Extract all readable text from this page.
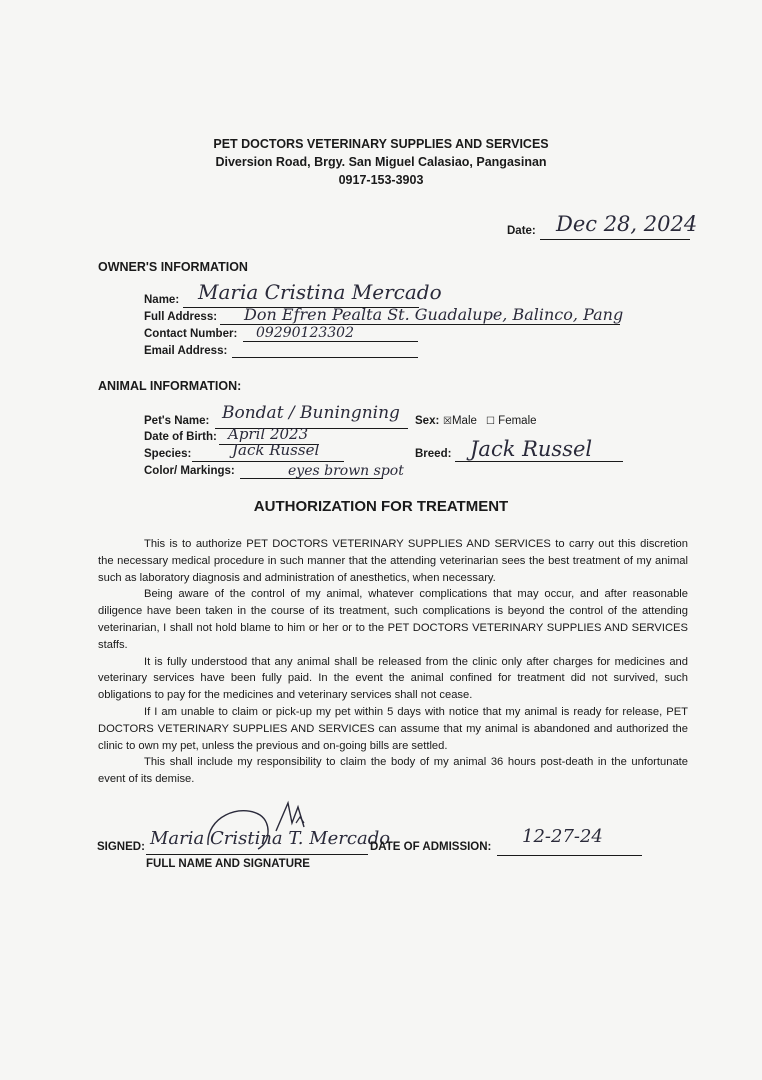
PET DOCTORS VETERINARY SUPPLIES AND SERVICES
Diversion Road, Brgy. San Miguel Calasiao, Pangasinan
0917-153-3903
Date: Dec 28, 2024
OWNER'S INFORMATION
Name: Maria Cristina Mercado
Full Address: Don Efren Pealta St. Guadalupe, Balinco, Pang
Contact Number: 09290123302
Email Address:
ANIMAL INFORMATION:
Pet's Name: Bondat / Buningning Sex: ☒Male ☐ Female
Date of Birth: April 2023
Species:	Jack Russel	Breed: Jack Russel
Color/ Markings:	eyes brown spot
AUTHORIZATION FOR TREATMENT

This is to authorize PET DOCTORS VETERINARY SUPPLIES AND SERVICES to carry out this discretion the necessary medical procedure in such manner that the attending veterinarian sees the best treatment of my animal such as laboratory diagnosis and administration of anesthetics, when necessary.

Being aware of the control of my animal, whatever complications that may occur, and after reasonable diligence have been taken in the course of its treatment, such complications is beyond the control of the attending veterinarian, I shall not hold blame to him or her or to the PET DOCTORS VETERINARY SUPPLIES AND SERVICES staffs.

It is fully understood that any animal shall be released from the clinic only after charges for medicines and veterinary services have been fully paid. In the event the animal confined for treatment did not survived, such obligations to pay for the medicines and veterinary services shall not cease.

If I am unable to claim or pick-up my pet within 5 days with notice that my animal is ready for release, PET DOCTORS VETERINARY SUPPLIES AND SERVICES can assume that my animal is abandoned and authorized the clinic to own my pet, unless the previous and on-going bills are settled.

This shall include my responsibility to claim the body of my animal 36 hours post-death in the unfortunate event of its demise.

SIGNED: Maria Cristina T. Mercado
FULL NAME AND SIGNATURE
DATE OF ADMISSION: 12-27-24
